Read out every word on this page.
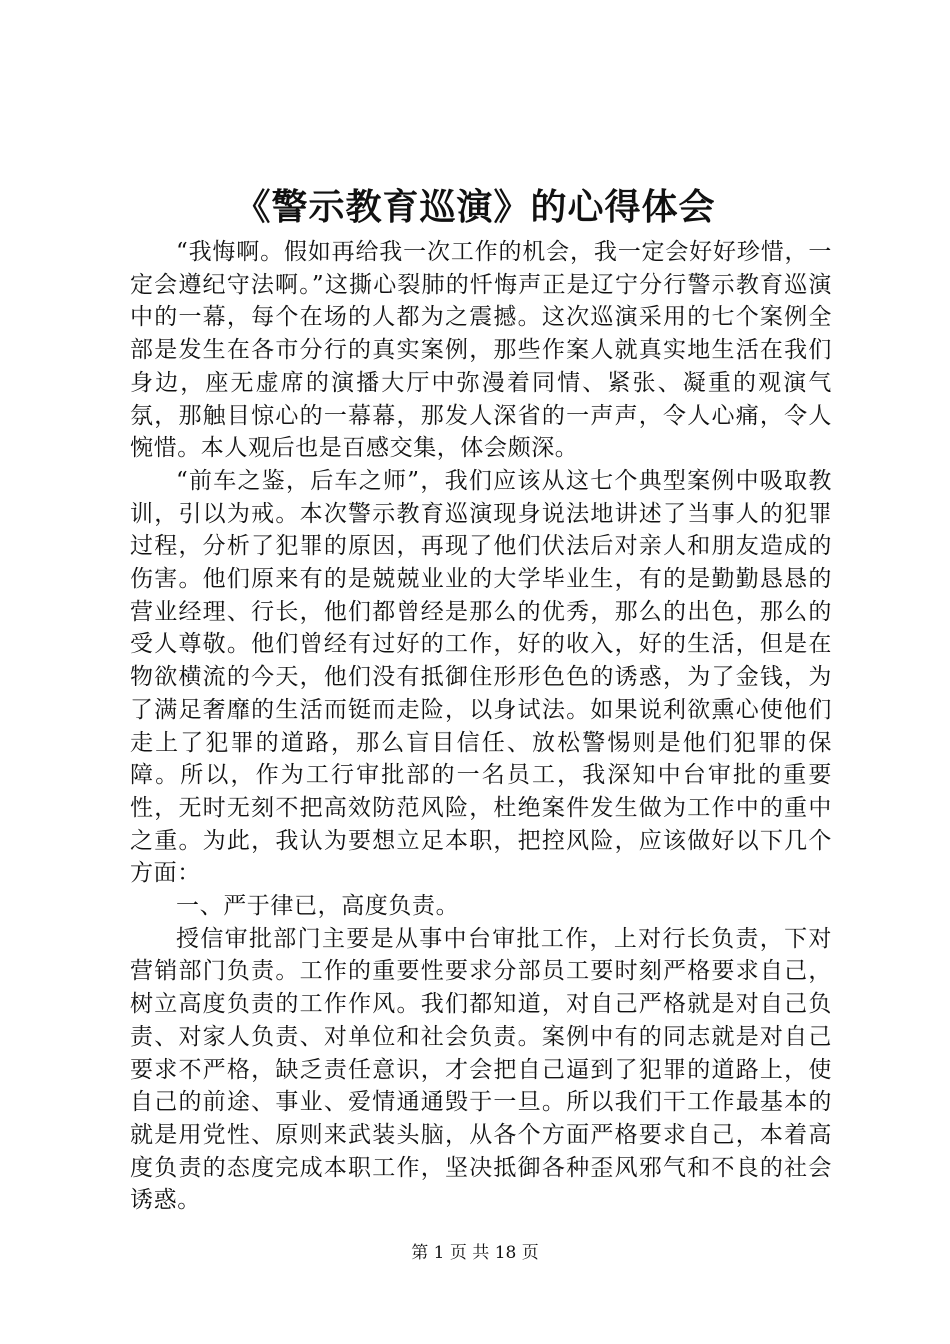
《警示教育巡演》的心得体会

“我悔啊。假如再给我一次工作的机会，我一定会好好珍惜，一定会遵纪守法啊。”这撕心裂肺的忏悔声正是辽宁分行警示教育巡演中的一幕，每个在场的人都为之震撼。这次巡演采用的七个案例全部是发生在各市分行的真实案例，那些作案人就真实地生活在我们身边，座无虚席的演播大厅中弥漫着同情、紧张、凝重的观演气氛，那触目惊心的一幕幕，那发人深省的一声声，令人心痛，令人惋惜。本人观后也是百感交集，体会颇深。

“前车之鉴，后车之师”，我们应该从这七个典型案例中吸取教训，引以为戒。本次警示教育巡演现身说法地讲述了当事人的犯罪过程，分析了犯罪的原因，再现了他们伏法后对亲人和朋友造成的伤害。他们原来有的是兢兢业业的大学毕业生，有的是勤勤恳恳的营业经理、行长，他们都曾经是那么的优秀，那么的出色，那么的受人尊敬。他们曾经有过好的工作，好的收入，好的生活，但是在物欲横流的今天，他们没有抵御住形形色色的诱惑，为了金钱，为了满足奢靡的生活而铤而走险，以身试法。如果说利欲熏心使他们走上了犯罪的道路，那么盲目信任、放松警惕则是他们犯罪的保障。所以，作为工行审批部的一名员工，我深知中台审批的重要性，无时无刻不把高效防范风险，杜绝案件发生做为工作中的重中之重。为此，我认为要想立足本职，把控风险，应该做好以下几个方面：

一、严于律已，高度负责。

授信审批部门主要是从事中台审批工作，上对行长负责，下对营销部门负责。工作的重要性要求分部员工要时刻严格要求自己，树立高度负责的工作作风。我们都知道，对自己严格就是对自己负责、对家人负责、对单位和社会负责。案例中有的同志就是对自己要求不严格，缺乏责任意识，才会把自己逼到了犯罪的道路上，使自己的前途、事业、爱情通通毁于一旦。所以我们干工作最基本的就是用党性、原则来武装头脑，从各个方面严格要求自己，本着高度负责的态度完成本职工作，坚决抵御各种歪风邪气和不良的社会诱惑。

第 1 页 共 18 页
